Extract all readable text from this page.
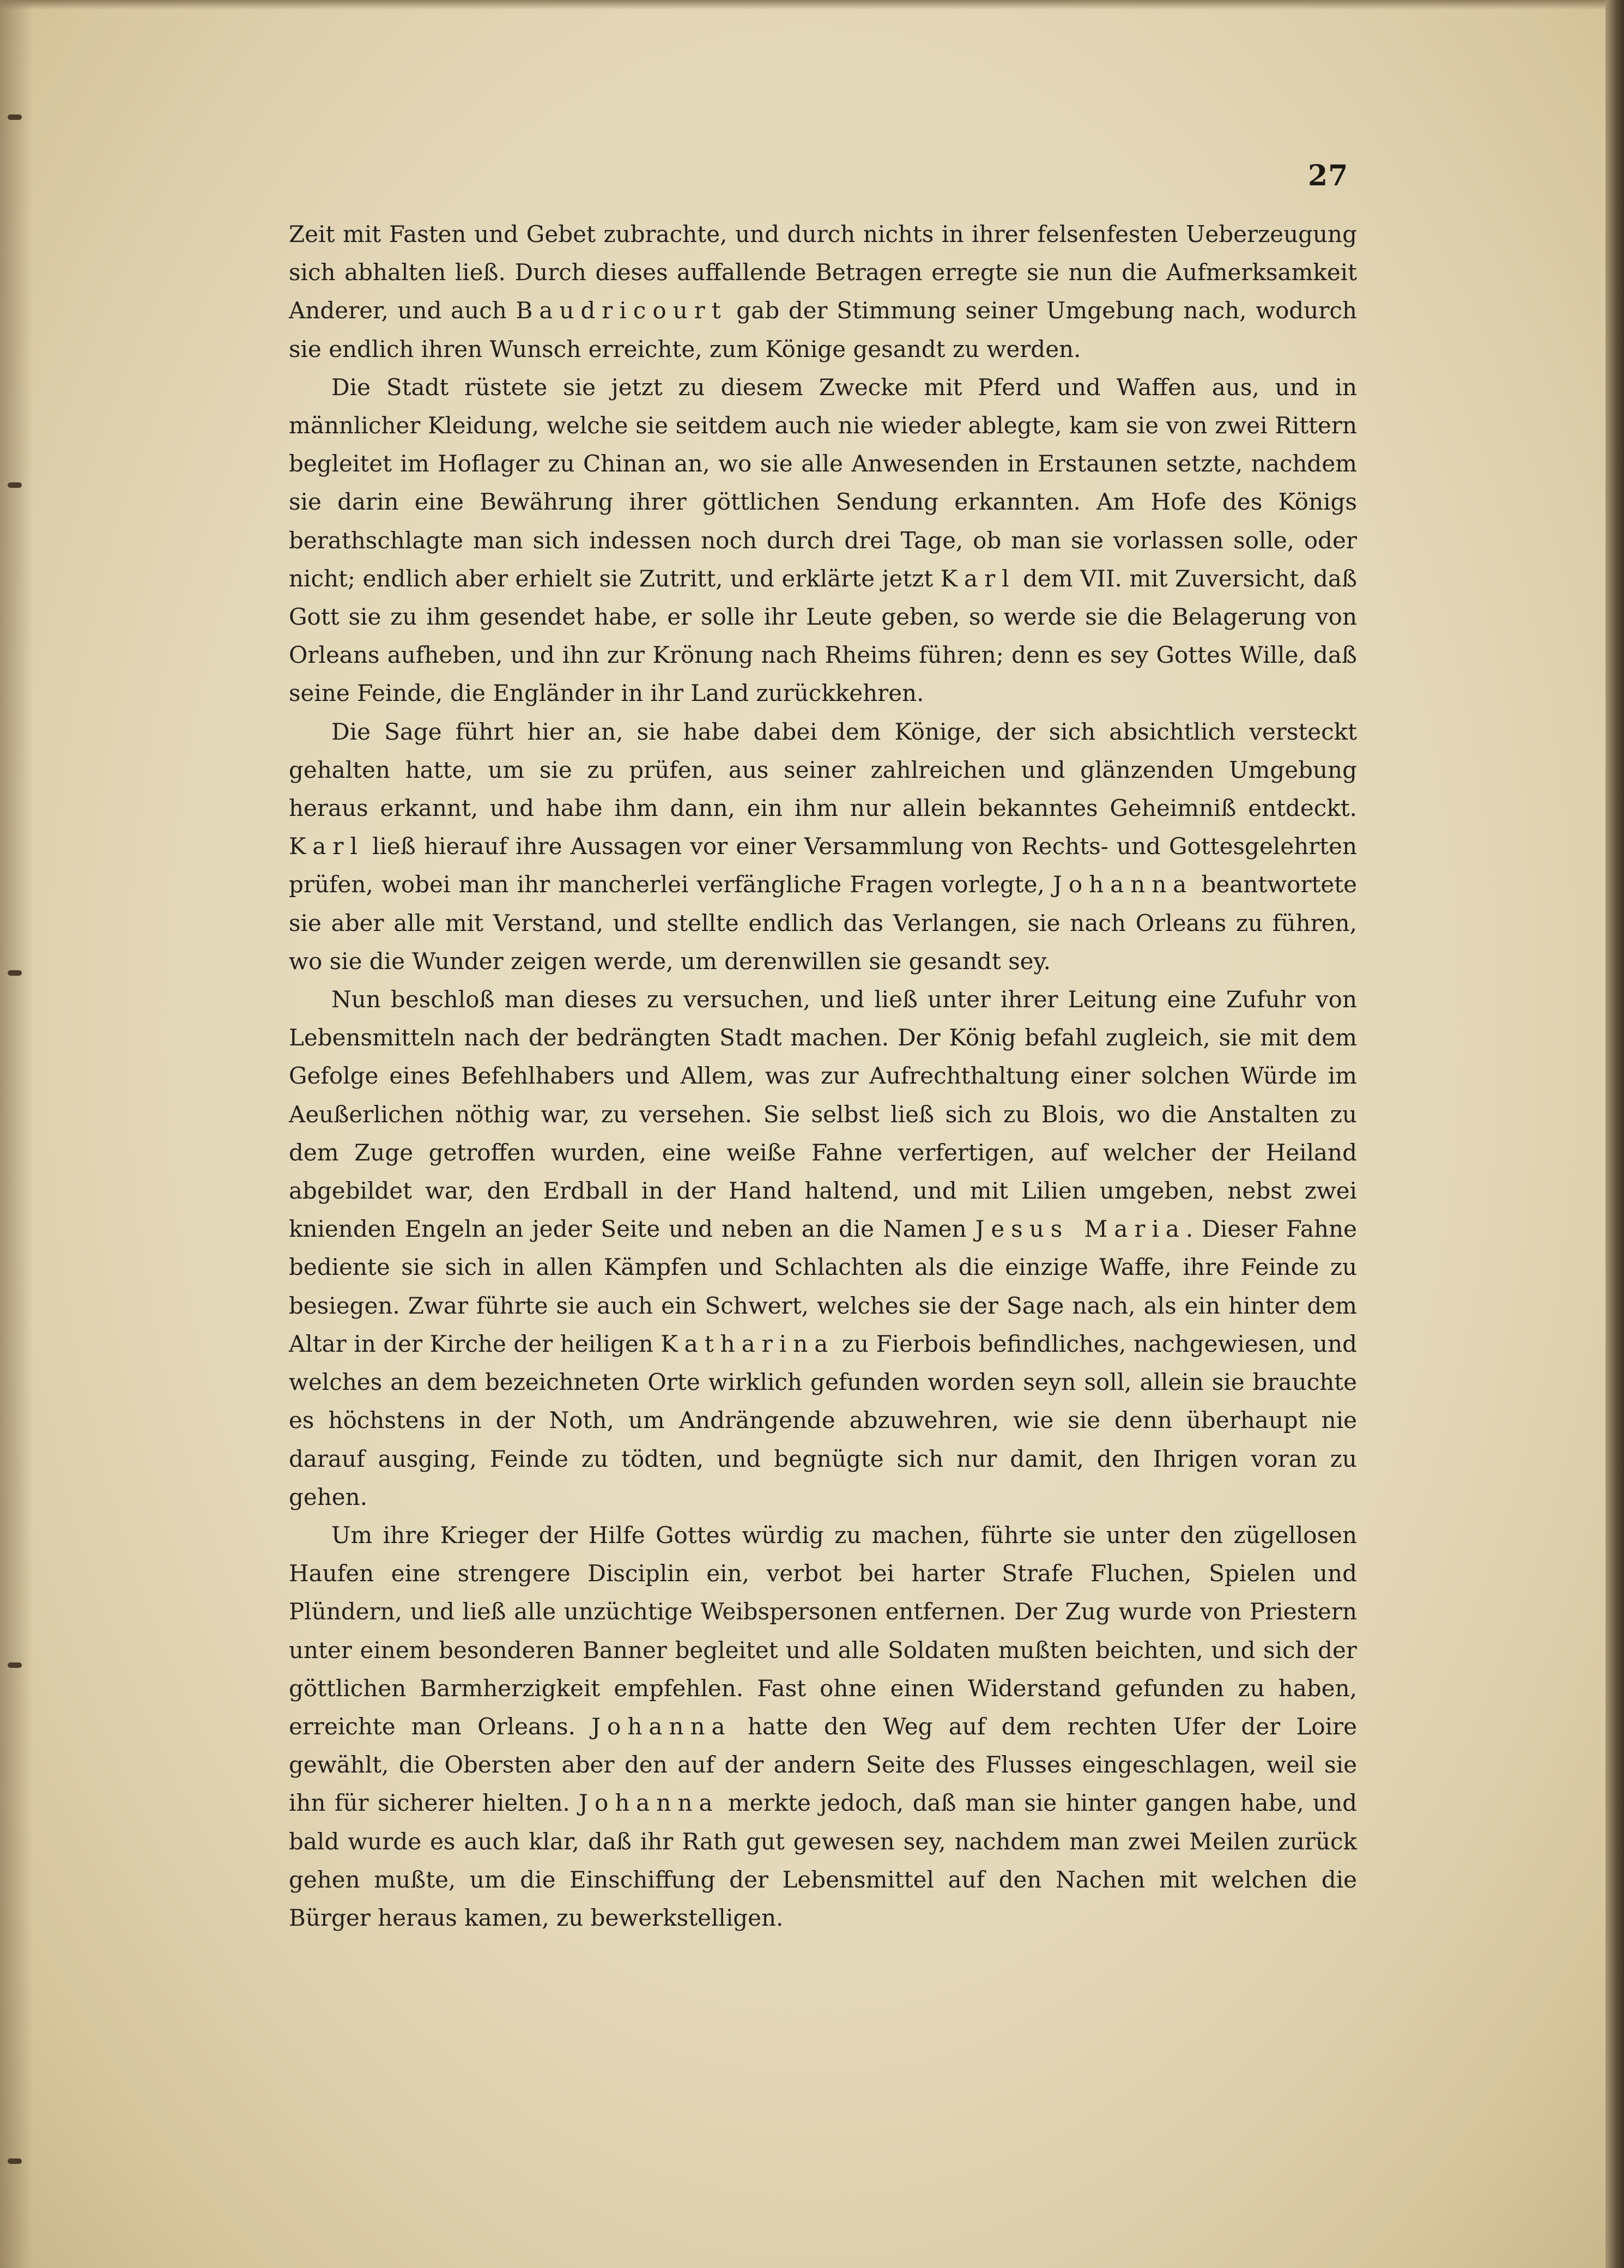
27

Zeit mit Fasten und Gebet zubrachte, und durch nichts in ihrer felsenfesten Ueberzeugung sich abhalten ließ. Durch dieses auffallende Betragen erregte sie nun die Aufmerksamkeit Anderer, und auch Baudricourt gab der Stimmung seiner Umgebung nach, wodurch sie endlich ihren Wunsch erreichte, zum Könige gesandt zu werden.

Die Stadt rüstete sie jetzt zu diesem Zwecke mit Pferd und Waffen aus, und in männlicher Kleidung, welche sie seitdem auch nie wieder ablegte, kam sie von zwei Rittern begleitet im Hoflager zu Chinan an, wo sie alle Anwesenden in Erstaunen setzte, nachdem sie darin eine Bewährung ihrer göttlichen Sendung erkannten. Am Hofe des Königs berathschlagte man sich indessen noch durch drei Tage, ob man sie vorlassen solle, oder nicht; endlich aber erhielt sie Zutritt, und erklärte jetzt Karl dem VII. mit Zuversicht, daß Gott sie zu ihm gesendet habe, er solle ihr Leute geben, so werde sie die Belagerung von Orleans aufheben, und ihn zur Krönung nach Rheims führen; denn es sey Gottes Wille, daß seine Feinde, die Engländer in ihr Land zurückkehren.

Die Sage führt hier an, sie habe dabei dem Könige, der sich absichtlich versteckt gehalten hatte, um sie zu prüfen, aus seiner zahlreichen und glänzenden Umgebung heraus erkannt, und habe ihm dann, ein ihm nur allein bekanntes Geheimniß entdeckt. Karl ließ hierauf ihre Aussagen vor einer Versammlung von Rechts- und Gottesgelehrten prüfen, wobei man ihr mancherlei verfängliche Fragen vorlegte, Johanna beantwortete sie aber alle mit Verstand, und stellte endlich das Verlangen, sie nach Orleans zu führen, wo sie die Wunder zeigen werde, um derenwillen sie gesandt sey.

Nun beschloß man dieses zu versuchen, und ließ unter ihrer Leitung eine Zufuhr von Lebensmitteln nach der bedrängten Stadt machen. Der König befahl zugleich, sie mit dem Gefolge eines Befehlhabers und Allem, was zur Aufrechthaltung einer solchen Würde im Aeußerlichen nöthig war, zu versehen. Sie selbst ließ sich zu Blois, wo die Anstalten zu dem Zuge getroffen wurden, eine weiße Fahne verfertigen, auf welcher der Heiland abgebildet war, den Erdball in der Hand haltend, und mit Lilien umgeben, nebst zwei knienden Engeln an jeder Seite und neben an die Namen Jesus Maria. Dieser Fahne bediente sie sich in allen Kämpfen und Schlachten als die einzige Waffe, ihre Feinde zu besiegen. Zwar führte sie auch ein Schwert, welches sie der Sage nach, als ein hinter dem Altar in der Kirche der heiligen Katharina zu Fierbois befindliches, nachgewiesen, und welches an dem bezeichneten Orte wirklich gefunden worden seyn soll, allein sie brauchte es höchstens in der Noth, um Andrängende abzuwehren, wie sie denn überhaupt nie darauf ausging, Feinde zu tödten, und begnügte sich nur damit, den Ihrigen voran zu gehen.

Um ihre Krieger der Hilfe Gottes würdig zu machen, führte sie unter den zügellosen Haufen eine strengere Disciplin ein, verbot bei harter Strafe Fluchen, Spielen und Plündern, und ließ alle unzüchtige Weibspersonen entfernen. Der Zug wurde von Priestern unter einem besonderen Banner begleitet und alle Soldaten mußten beichten, und sich der göttlichen Barmherzigkeit empfehlen. Fast ohne einen Widerstand gefunden zu haben, erreichte man Orleans. Johanna hatte den Weg auf dem rechten Ufer der Loire gewählt, die Obersten aber den auf der andern Seite des Flusses eingeschlagen, weil sie ihn für sicherer hielten. Johanna merkte jedoch, daß man sie hinter gangen habe, und bald wurde es auch klar, daß ihr Rath gut gewesen sey, nachdem man zwei Meilen zurück gehen mußte, um die Einschiffung der Lebensmittel auf den Nachen mit welchen die Bürger heraus kamen, zu bewerkstelligen.
